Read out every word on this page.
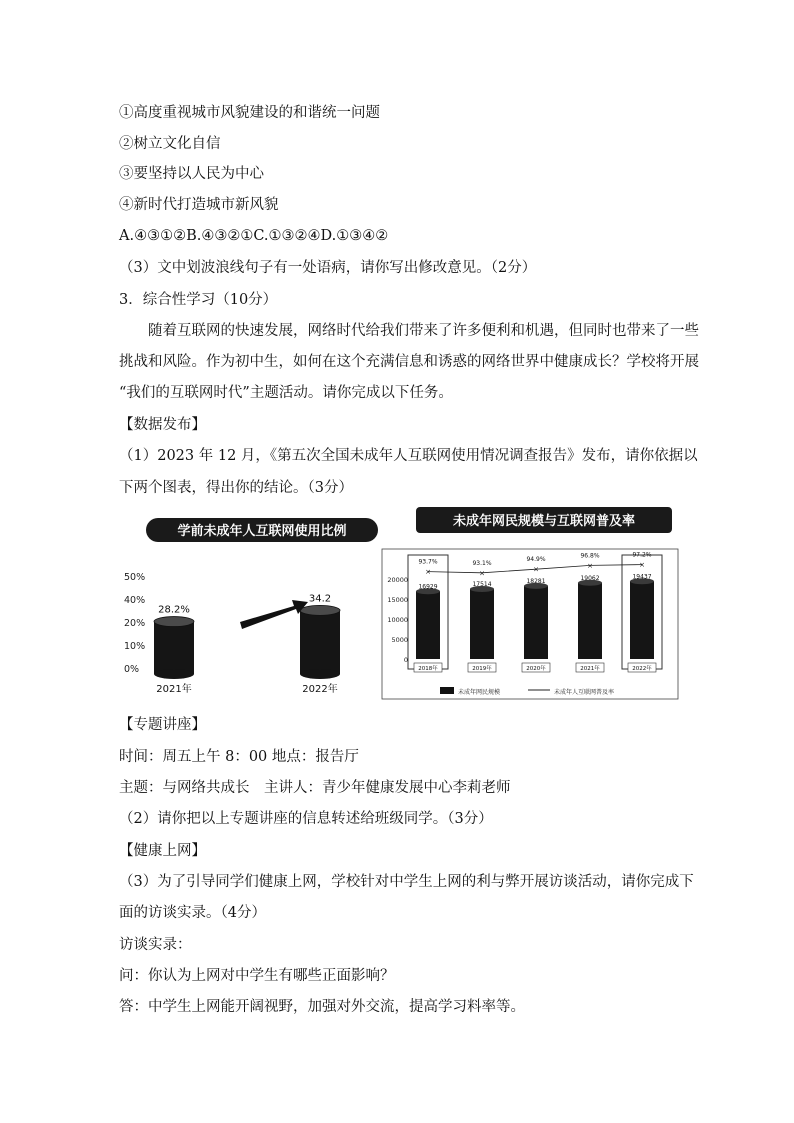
①高度重视城市风貌建设的和谐统一问题
②树立文化自信
③要坚持以人民为中心
④新时代打造城市新风貌
A.④③①②B.④③②①C.①③②④D.①③④②
（3）文中划波浪线句子有一处语病，请你写出修改意见。（2分）
3．综合性学习（10分）
随着互联网的快速发展，网络时代给我们带来了许多便利和机遇，但同时也带来了一些
挑战和风险。作为初中生，如何在这个充满信息和诱惑的网络世界中健康成长？学校将开展
“我们的互联网时代”主题活动。请你完成以下任务。
【数据发布】
（1）2023 年 12 月，《第五次全国未成年人互联网使用情况调查报告》发布，请你依据以
下两个图表，得出你的结论。（3分）
学前未成年人互联网使用比例
50%
40%
20%
10%
0%
28.2%
2021年
34.2
2022年
未成年网民规模与互联网普及率
20000
15000
10000
5000
0
16929
2018年
17514
2019年
18281
2020年
19062
2021年
19437
2022年
93.7%	93.1%
94.9%
96.8%	97.2%
×	×	×	×	×
未成年网民规模	未成年人互联网普及率
【专题讲座】
时间：周五上午 8：00 地点：报告厅
主题：与网络共成长　主讲人：青少年健康发展中心李莉老师
（2）请你把以上专题讲座的信息转述给班级同学。（3分）
【健康上网】
（3）为了引导同学们健康上网，学校针对中学生上网的利与弊开展访谈活动，请你完成下
面的访谈实录。（4分）
访谈实录：
问：你认为上网对中学生有哪些正面影响？
答：中学生上网能开阔视野，加强对外交流，提高学习料率等。
